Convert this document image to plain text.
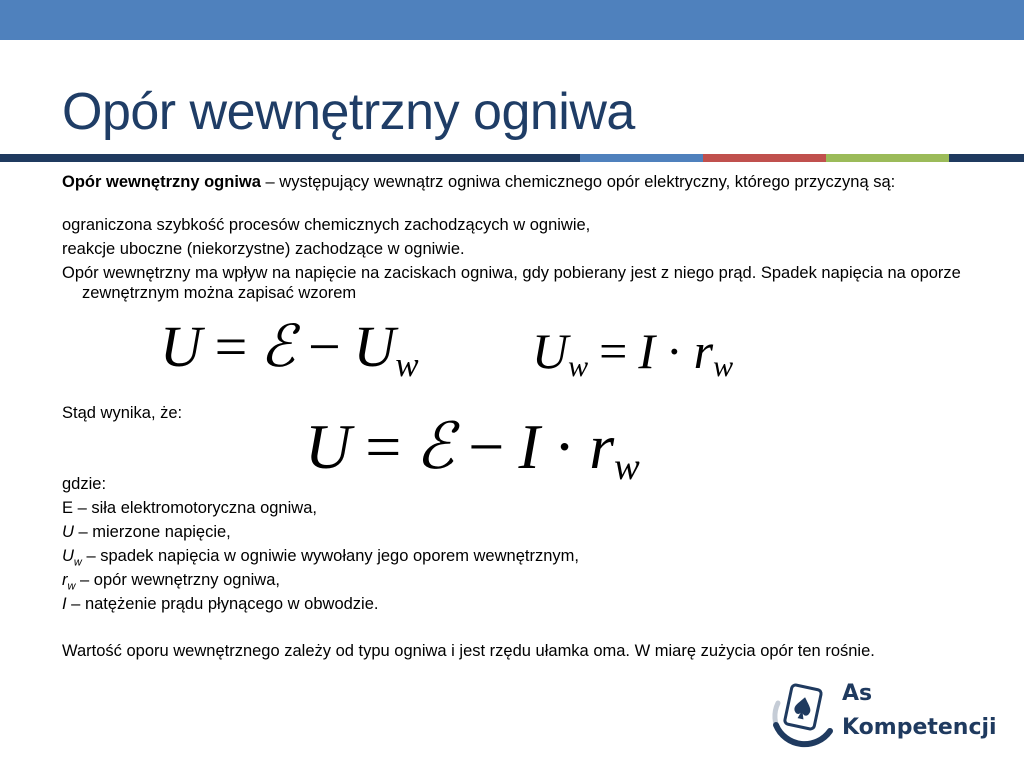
Opór wewnętrzny ogniwa

Opór wewnętrzny ogniwa – występujący wewnątrz ogniwa chemicznego opór elektryczny, którego przyczyną są:

ograniczona szybkość procesów chemicznych zachodzących w ogniwie,

reakcje uboczne (niekorzystne) zachodzące w ogniwie.

Opór wewnętrzny ma wpływ na napięcie na zaciskach ogniwa, gdy pobierany jest z niego prąd. Spadek napięcia na oporze zewnętrznym można zapisać wzorem

U = ℰ − Uw Uw = I · rw

Stąd wynika, że:	U = ℰ − I · rw

gdzie:

E – siła elektromotoryczna ogniwa,

U – mierzone napięcie,

$U_w$ – spadek napięcia w ogniwie wywołany jego oporem wewnętrznym,

$r_w$ – opór wewnętrzny ogniwa,

I – natężenie prądu płynącego w obwodzie.

Wartość oporu wewnętrznego zależy od typu ogniwa i jest rzędu ułamka oma. W miarę zużycia opór ten rośnie.

As
Kompetencji
